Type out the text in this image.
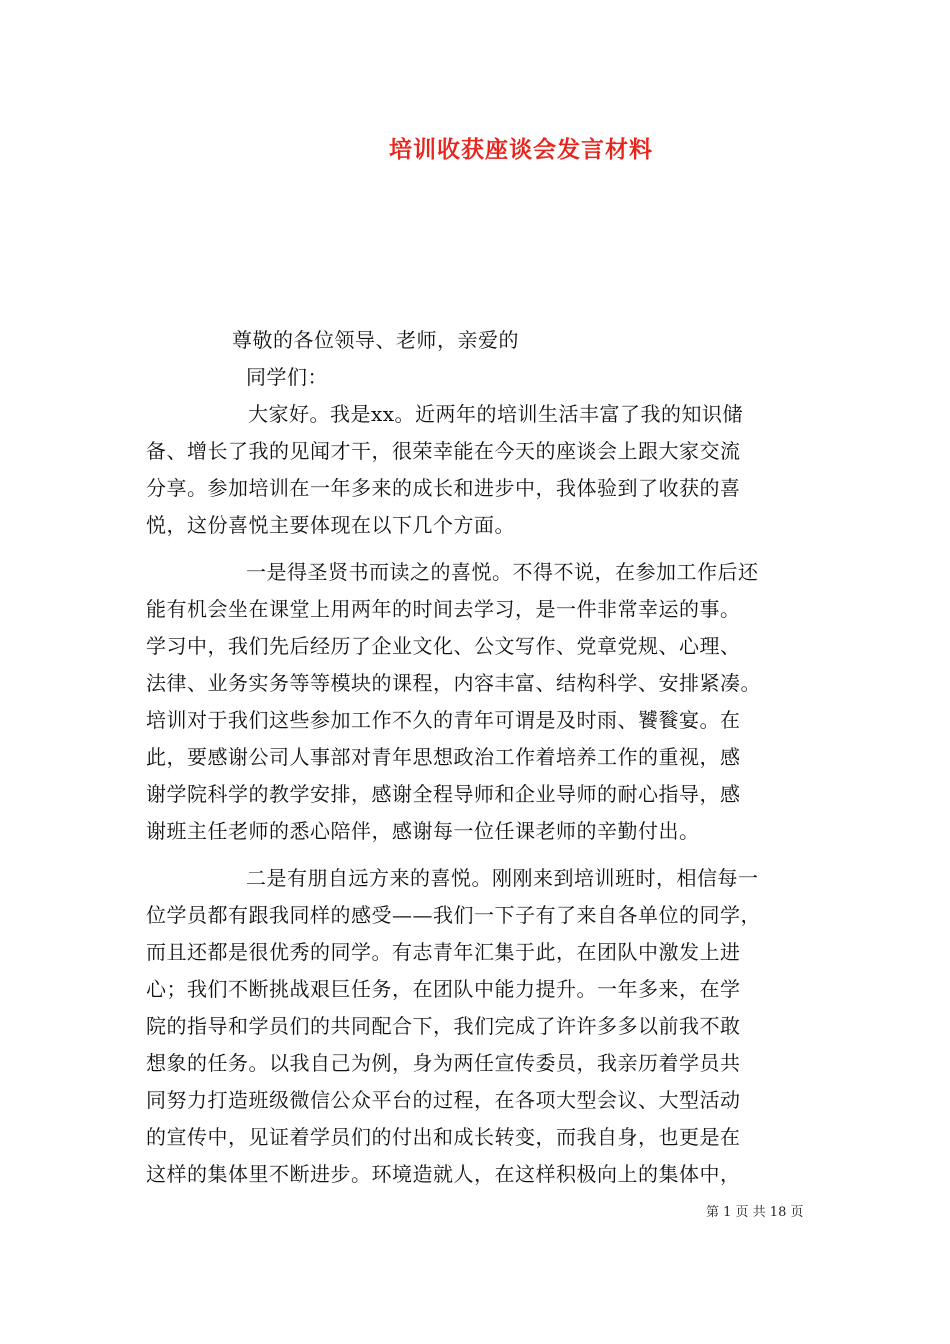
培训收获座谈会发言材料
尊敬的各位领导、老师，亲爱的
同学们：
大家好。我是xx。近两年的培训生活丰富了我的知识储
备、增长了我的见闻才干，很荣幸能在今天的座谈会上跟大家交流
分享。参加培训在一年多来的成长和进步中，我体验到了收获的喜
悦，这份喜悦主要体现在以下几个方面。
一是得圣贤书而读之的喜悦。不得不说，在参加工作后还
能有机会坐在课堂上用两年的时间去学习，是一件非常幸运的事。
学习中，我们先后经历了企业文化、公文写作、党章党规、心理、
法律、业务实务等等模块的课程，内容丰富、结构科学、安排紧凑。
培训对于我们这些参加工作不久的青年可谓是及时雨、饕餮宴。在
此，要感谢公司人事部对青年思想政治工作着培养工作的重视，感
谢学院科学的教学安排，感谢全程导师和企业导师的耐心指导，感
谢班主任老师的悉心陪伴，感谢每一位任课老师的辛勤付出。
二是有朋自远方来的喜悦。刚刚来到培训班时，相信每一
位学员都有跟我同样的感受——我们一下子有了来自各单位的同学，
而且还都是很优秀的同学。有志青年汇集于此，在团队中激发上进
心；我们不断挑战艰巨任务，在团队中能力提升。一年多来，在学
院的指导和学员们的共同配合下，我们完成了许许多多以前我不敢
想象的任务。以我自己为例，身为两任宣传委员，我亲历着学员共
同努力打造班级微信公众平台的过程，在各项大型会议、大型活动
的宣传中，见证着学员们的付出和成长转变，而我自身，也更是在
这样的集体里不断进步。环境造就人，在这样积极向上的集体中，
第 1 页 共 18 页
